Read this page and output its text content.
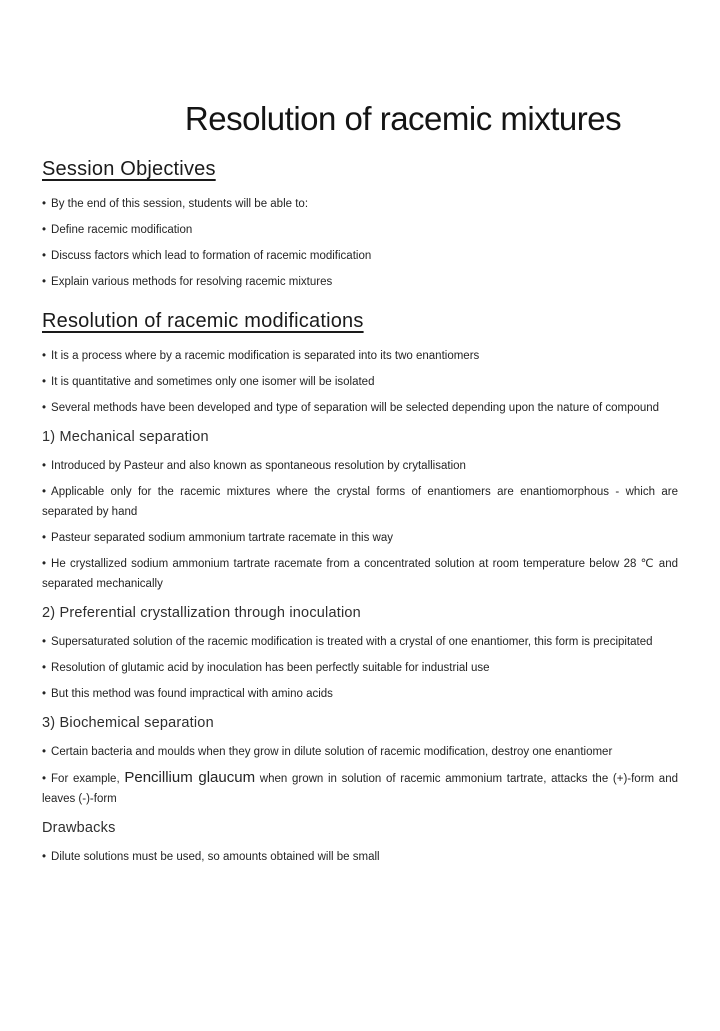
Resolution of racemic mixtures
Session Objectives

• By the end of this session, students will be able to:

• Define racemic modification

• Discuss factors which lead to formation of racemic modification

• Explain various methods for resolving racemic mixtures

Resolution of racemic modifications

• It is a process where by a racemic modification is separated into its two enantiomers

• It is quantitative and sometimes only one isomer will be isolated

• Several methods have been developed and type of separation will be selected depending upon the nature of compound

1) Mechanical separation

• Introduced by Pasteur and also known as spontaneous resolution by crytallisation

• Applicable only for the racemic mixtures where the crystal forms of enantiomers are enantiomorphous - which are separated by hand

• Pasteur separated sodium ammonium tartrate racemate in this way

• He crystallized sodium ammonium tartrate racemate from a concentrated solution at room temperature below 28 ℃ and separated mechanically

2) Preferential crystallization through inoculation

• Supersaturated solution of the racemic modification is treated with a crystal of one enantiomer, this form is precipitated

• Resolution of glutamic acid by inoculation has been perfectly suitable for industrial use

• But this method was found impractical with amino acids

3) Biochemical separation

• Certain bacteria and moulds when they grow in dilute solution of racemic modification, destroy one enantiomer

• For example, Pencillium glaucum when grown in solution of racemic ammonium tartrate, attacks the (+)-form and leaves (-)-form

Drawbacks

• Dilute solutions must be used, so amounts obtained will be small
